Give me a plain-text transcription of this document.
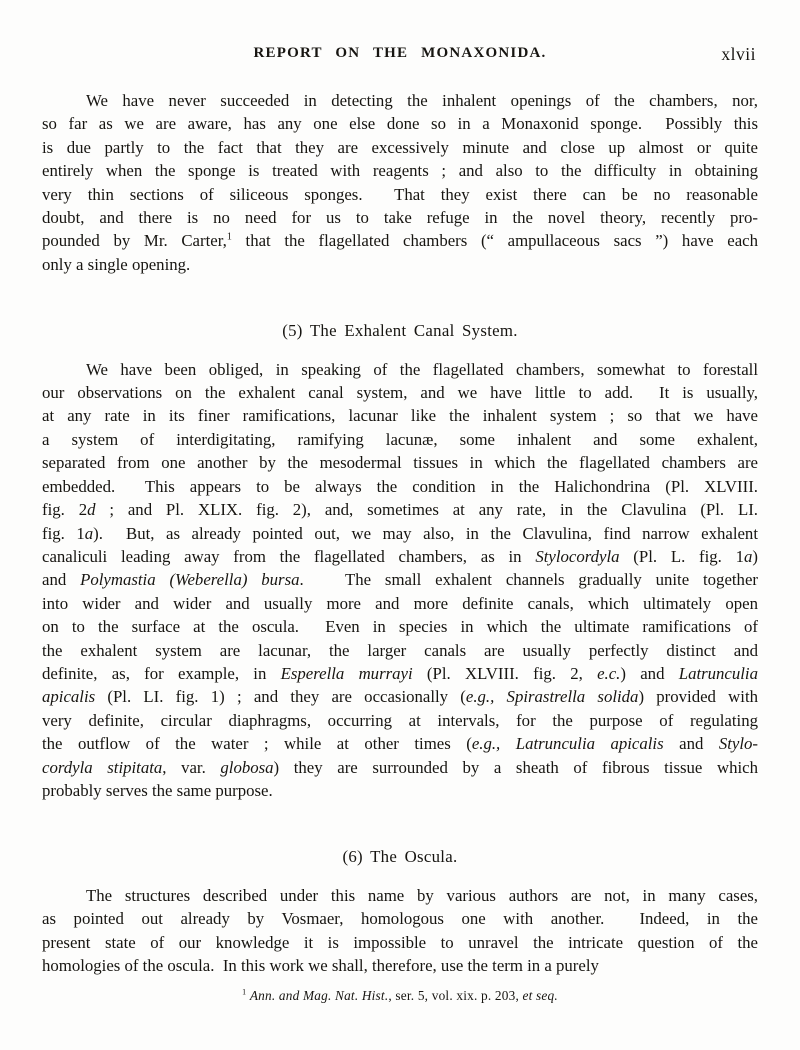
REPORT ON THE MONAXONIDA.	xlvii
We have never succeeded in detecting the inhalent openings of the chambers, nor,
so far as we are aware, has any one else done so in a Monaxonid sponge.  Possibly this
is due partly to the fact that they are excessively minute and close up almost or quite
entirely when the sponge is treated with reagents ; and also to the difficulty in obtaining
very thin sections of siliceous sponges.  That they exist there can be no reasonable
doubt, and there is no need for us to take refuge in the novel theory, recently pro-
pounded by Mr. Carter,$^1$ that the flagellated chambers (“ ampullaceous sacs ”) have each
only a single opening.
(5) The Exhalent Canal System.
We have been obliged, in speaking of the flagellated chambers, somewhat to forestall
our observations on the exhalent canal system, and we have little to add.  It is usually,
at any rate in its finer ramifications, lacunar like the inhalent system ; so that we have
a system of interdigitating, ramifying lacunæ, some inhalent and some exhalent,
separated from one another by the mesodermal tissues in which the flagellated chambers are
embedded.  This appears to be always the condition in the Halichondrina (Pl. XLVIII.
fig. 2d ; and Pl. XLIX. fig. 2), and, sometimes at any rate, in the Clavulina (Pl. LI.
fig. 1a).  But, as already pointed out, we may also, in the Clavulina, find narrow exhalent
canaliculi leading away from the flagellated chambers, as in Stylocordyla (Pl. L. fig. 1a)
and Polymastia (Weberella) bursa.   The small exhalent channels gradually unite together
into wider and wider and usually more and more definite canals, which ultimately open
on to the surface at the oscula.  Even in species in which the ultimate ramifications of
the exhalent system are lacunar, the larger canals are usually perfectly distinct and
definite, as, for example, in Esperella murrayi (Pl. XLVIII. fig. 2, e.c.) and Latrunculia
apicalis (Pl. LI. fig. 1) ; and they are occasionally (e.g., Spirastrella solida) provided with
very definite, circular diaphragms, occurring at intervals, for the purpose of regulating
the outflow of the water ; while at other times (e.g., Latrunculia apicalis and Stylo-
cordyla stipitata, var. globosa) they are surrounded by a sheath of fibrous tissue which
probably serves the same purpose.
(6) The Oscula.
The structures described under this name by various authors are not, in many cases,
as pointed out already by Vosmaer, homologous one with another.  Indeed, in the
present state of our knowledge it is impossible to unravel the intricate question of the
homologies of the oscula.  In this work we shall, therefore, use the term in a purely
$^1$ Ann. and Mag. Nat. Hist., ser. 5, vol. xix. p. 203, et seq.
